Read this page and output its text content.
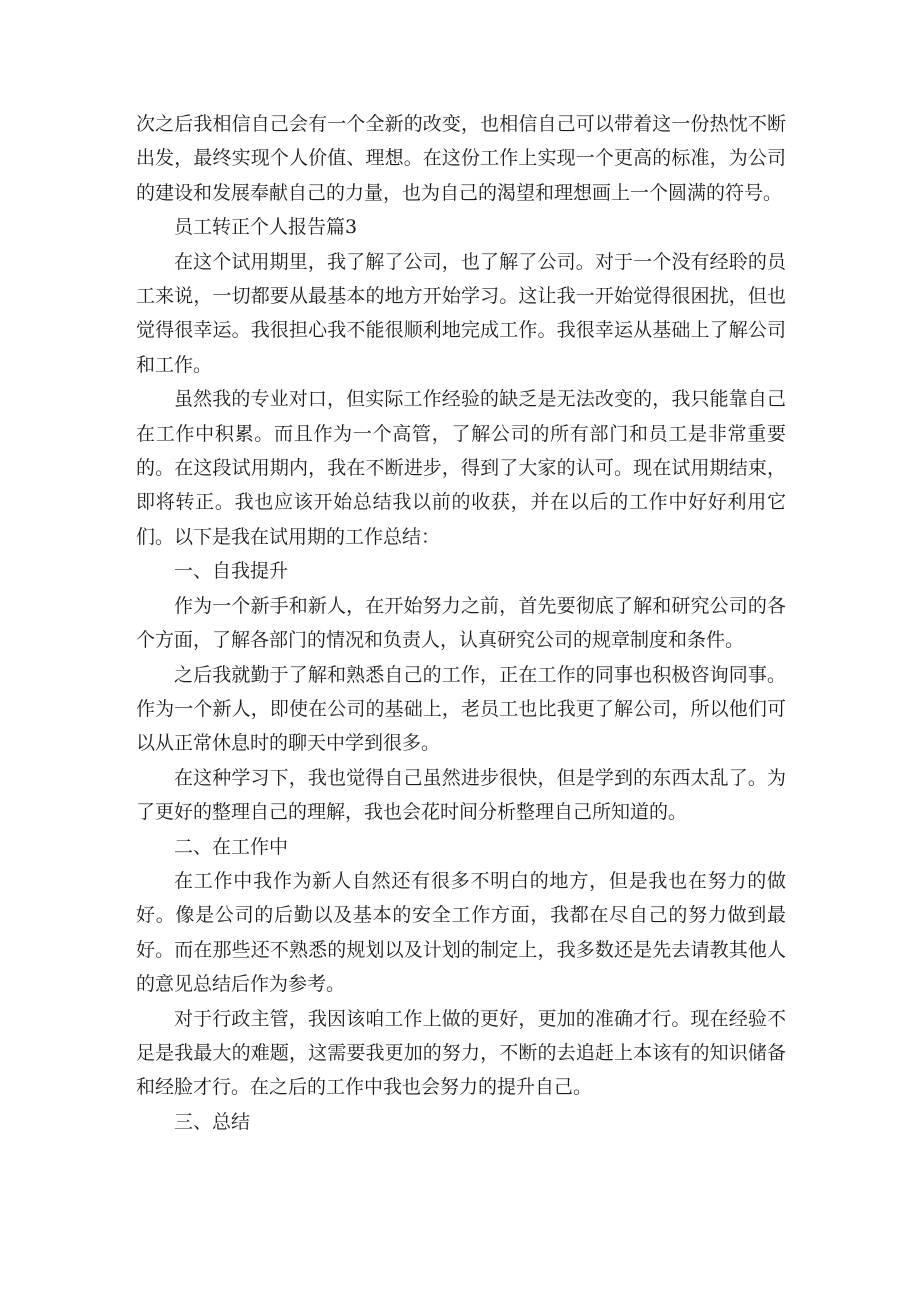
次之后我相信自己会有一个全新的改变，也相信自己可以带着这一份热忱不断出发，最终实现个人价值、理想。在这份工作上实现一个更高的标准，为公司的建设和发展奉献自己的力量，也为自己的渴望和理想画上一个圆满的符号。

员工转正个人报告篇3

在这个试用期里，我了解了公司，也了解了公司。对于一个没有经聆的员工来说，一切都要从最基本的地方开始学习。这让我一开始觉得很困扰，但也觉得很幸运。我很担心我不能很顺利地完成工作。我很幸运从基础上了解公司和工作。

虽然我的专业对口，但实际工作经验的缺乏是无法改变的，我只能靠自己在工作中积累。而且作为一个高管，了解公司的所有部门和员工是非常重要的。在这段试用期内，我在不断进步，得到了大家的认可。现在试用期结束，即将转正。我也应该开始总结我以前的收获，并在以后的工作中好好利用它们。以下是我在试用期的工作总结：

一、自我提升

作为一个新手和新人，在开始努力之前，首先要彻底了解和研究公司的各个方面，了解各部门的情况和负责人，认真研究公司的规章制度和条件。

之后我就勤于了解和熟悉自己的工作，正在工作的同事也积极咨询同事。作为一个新人，即使在公司的基础上，老员工也比我更了解公司，所以他们可以从正常休息时的聊天中学到很多。

在这种学习下，我也觉得自己虽然进步很快，但是学到的东西太乱了。为了更好的整理自己的理解，我也会花时间分析整理自己所知道的。

二、在工作中

在工作中我作为新人自然还有很多不明白的地方，但是我也在努力的做好。像是公司的后勤以及基本的安全工作方面，我都在尽自己的努力做到最好。而在那些还不熟悉的规划以及计划的制定上，我多数还是先去请教其他人的意见总结后作为参考。

对于行政主管，我因该咱工作上做的更好，更加的准确才行。现在经验不足是我最大的难题，这需要我更加的努力，不断的去追赶上本该有的知识储备和经脸才行。在之后的工作中我也会努力的提升自己。

三、总结
